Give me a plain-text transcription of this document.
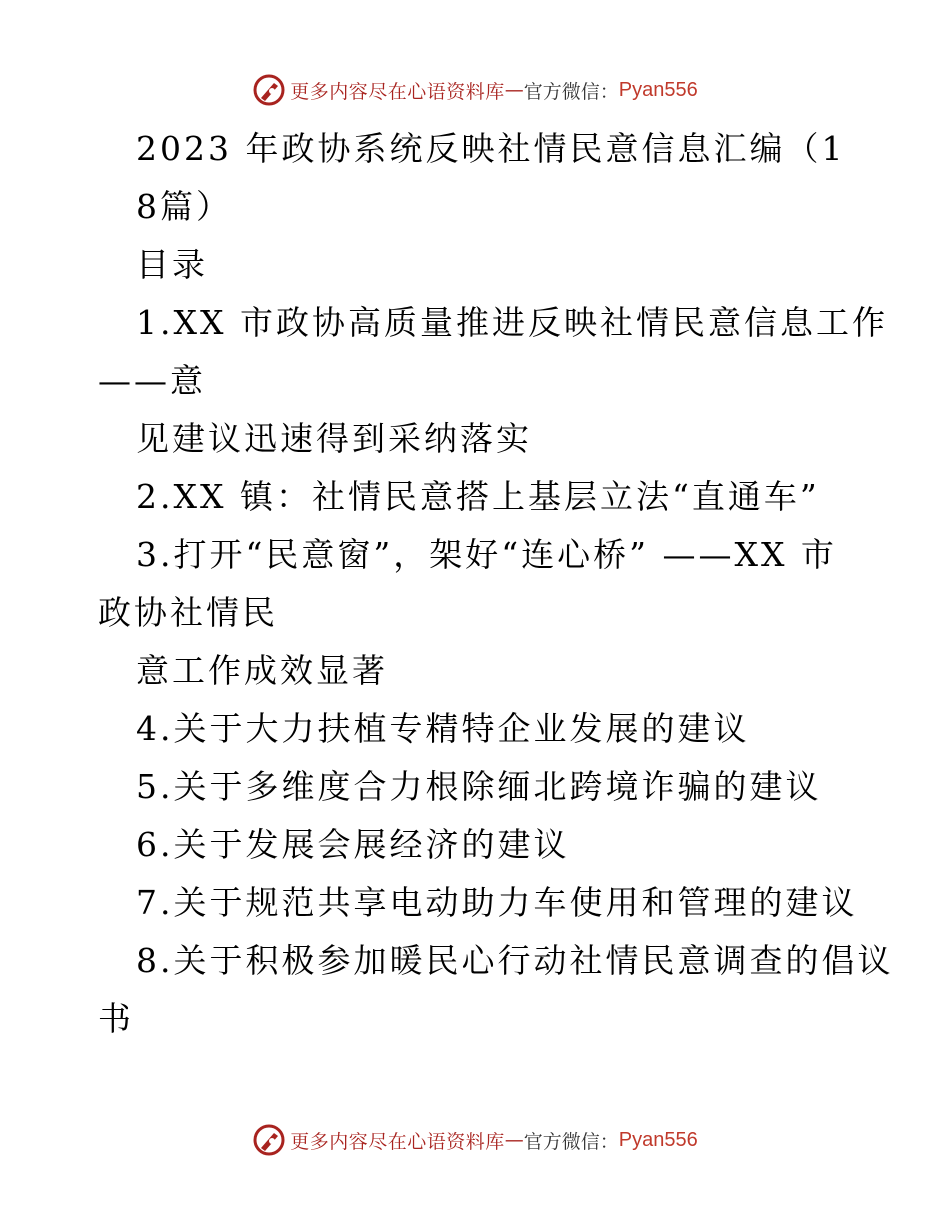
更多内容尽在心语资料库 — 官方微信： Pyan556
2023 年政协系统反映社情民意信息汇编（1
8篇）
目录
1.XX 市政协高质量推进反映社情民意信息工作
——意
见建议迅速得到采纳落实
2.XX 镇：社情民意搭上基层立法“直通车”
3.打开“民意窗”，架好“连心桥” ——XX 市
政协社情民
意工作成效显著
4.关于大力扶植专精特企业发展的建议
5.关于多维度合力根除缅北跨境诈骗的建议
6.关于发展会展经济的建议
7.关于规范共享电动助力车使用和管理的建议
8.关于积极参加暖民心行动社情民意调查的倡议
书
更多内容尽在心语资料库 — 官方微信： Pyan556
